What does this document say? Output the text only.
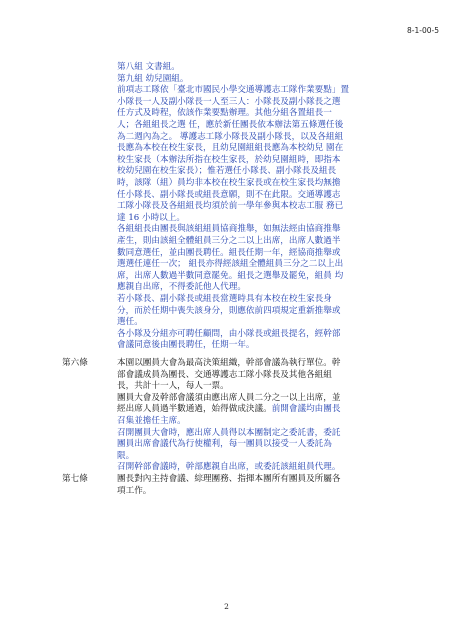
8-1-00-5
第八組 文書組。
第九組 幼兒園組。
前項志工隊依「臺北市國民小學交通導護志工隊作業要點」置
小隊長一人及副小隊長一人至三人：小隊長及副小隊長之選
任方式及時程，依該作業要點辦理。其他分組各置組長一
人；各組組長之選 任，應於新任團長依本辦法第五條選任後
為二週內為之。 導護志工隊小隊長及副小隊長，以及各組組
長應為本校在校生家長，且幼兒園組組長應為本校幼兒 園在
校生家長（本辦法所指在校生家長，於幼兒園組時，即指本
校幼兒園在校生家長）；惟若選任小隊長、副小隊長及組長
時，該隊（組）員均非本校在校生家長或在校生家長均無擔
任小隊長、副小隊長或組長意願，則不在此限。交通導護志
工隊小隊長及各組組長均須於前一學年參與本校志工服 務已
達 16 小時以上。
各組組長由團長與該組組員協商推舉，如無法經由協商推舉
產生，則由該組全體組員三分之二以上出席，出席人數過半
數同意選任，並由團長聘任。組長任期一年，經協商推舉或
選選任連任一次； 組長亦得經該組全體組員三分之二以上出
席，出席人數過半數同意罷免。組長之選舉及罷免，組員 均
應親自出席，不得委託他人代理。
若小隊長、副小隊長或組長當選時具有本校在校生家長身
分，而於任期中喪失該身分，則應依前四項規定重新推舉或
選任。
各小隊及分組亦可聘任顧問，由小隊長或組長提名，經幹部
會議同意後由團長聘任，任期一年。
第六條	本園以團員大會為最高決策組織，幹部會議為執行單位。幹
部會議成員為團長、交通導護志工隊小隊長及其他各組組
長，共計十一人，每人一票。
團員大會及幹部會議須由應出席人員二分之一以上出席，並
經出席人員過半數通過，始得做成決議。前開會議均由團長
召集並擔任主席。
召開團員大會時，應出席人員得以本團制定之委託書，委託
團員出席會議代為行使權利，每一團員以接受一人委託為
限。
召開幹部會議時，幹部應親自出席，或委託該組組員代理。
第七條	團長對內主持會議、綜理團務、指揮本團所有團員及所屬各
項工作。
2
